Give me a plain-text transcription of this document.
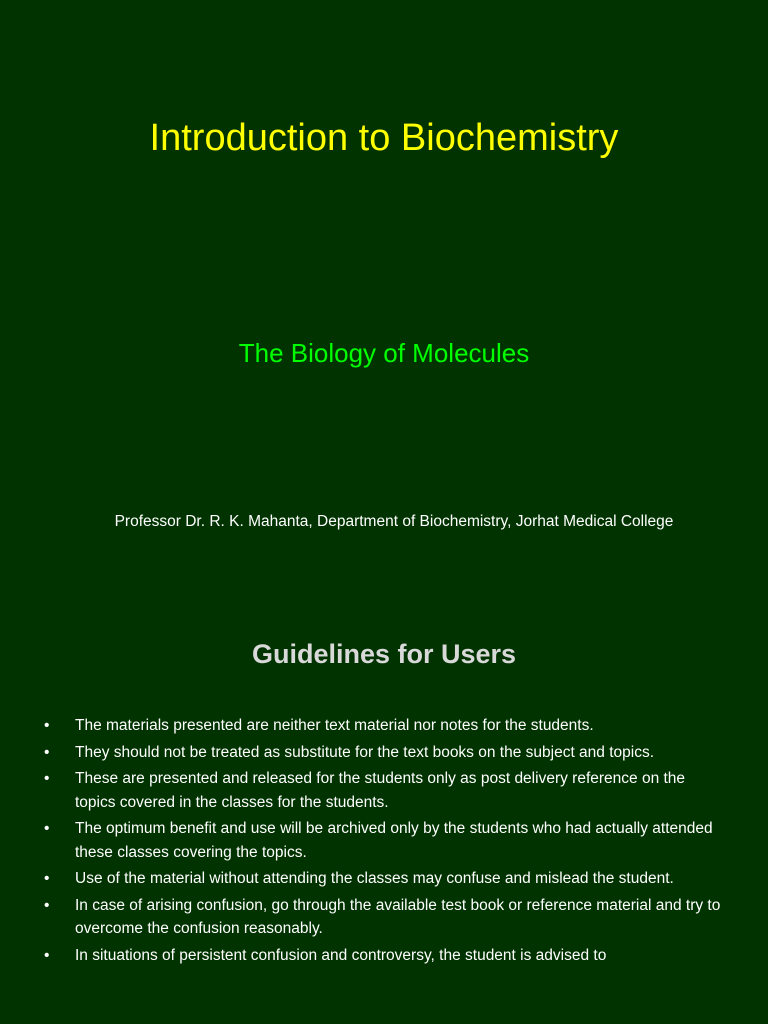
Introduction to Biochemistry
The Biology of Molecules

Professor Dr. R. K. Mahanta, Department of Biochemistry, Jorhat Medical College

Guidelines for Users
•	The materials presented are neither text material nor notes for the students.
•	They should not be treated as substitute for the text books on the subject and topics.
•	These are presented and released for the students only as post delivery reference on the topics covered in the classes for the students.
•	The optimum benefit and use will be archived only by the students who had actually attended these classes covering the topics.
•	Use of the material without attending the classes may confuse and mislead the student.
•	In case of arising confusion, go through the available test book or reference material and try to overcome the confusion reasonably.
•	In situations of persistent confusion and controversy, the student is advised to
